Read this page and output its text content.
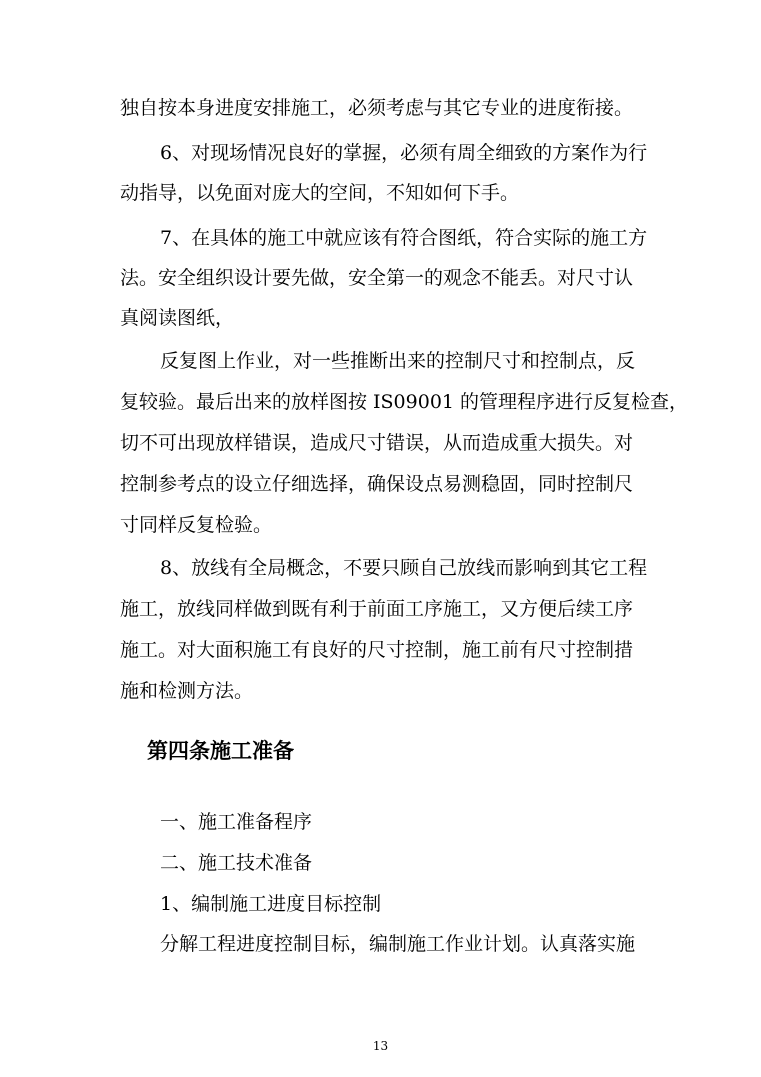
独自按本身进度安排施工，必须考虑与其它专业的进度衔接。
6、对现场情况良好的掌握，必须有周全细致的方案作为行
动指导，以免面对庞大的空间，不知如何下手。
7、在具体的施工中就应该有符合图纸，符合实际的施工方
法。安全组织设计要先做，安全第一的观念不能丢。对尺寸认
真阅读图纸，
反复图上作业，对一些推断出来的控制尺寸和控制点，反
复较验。最后出来的放样图按 IS09001 的管理程序进行反复检查，
切不可出现放样错误，造成尺寸错误，从而造成重大损失。对
控制参考点的设立仔细选择，确保设点易测稳固，同时控制尺
寸同样反复检验。
8、放线有全局概念，不要只顾自己放线而影响到其它工程
施工，放线同样做到既有利于前面工序施工，又方便后续工序
施工。对大面积施工有良好的尺寸控制，施工前有尺寸控制措
施和检测方法。
第四条施工准备
一、施工准备程序
二、施工技术准备
1、编制施工进度目标控制
分解工程进度控制目标，编制施工作业计划。认真落实施
13
